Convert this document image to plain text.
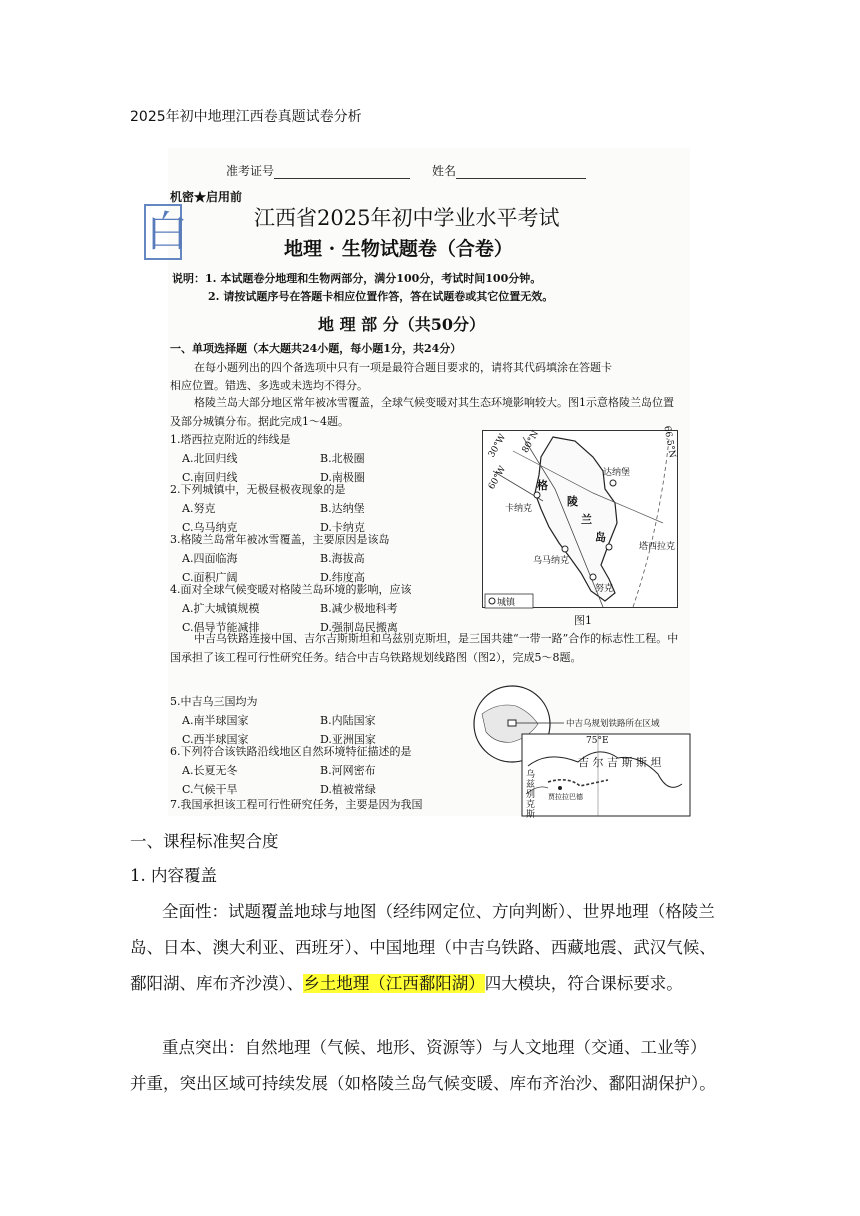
2025年初中地理江西卷真题试卷分析
准考证号	姓名
机密★启用前
白	江西省2025年初中学业水平考试
地理 · 生物试题卷（合卷）
说明：1. 本试题卷分地理和生物两部分，满分100分，考试时间100分钟。
2. 请按试题序号在答题卡相应位置作答，答在试题卷或其它位置无效。
地 理 部 分（共50分）
一、单项选择题（本大题共24小题，每小题1分，共24分）
在每小题列出的四个备选项中只有一项是最符合题目要求的，请将其代码填涂在答题卡
相应位置。错选、多选或未选均不得分。
格陵兰岛大部分地区常年被冰雪覆盖，全球气候变暖对其生态环境影响较大。图1示意格陵兰岛位置及部分城镇分布。据此完成1～4题。
1.塔西拉克附近的纬线是
A.北回归线	B.北极圈
C.南回归线	D.南极圈
2.下列城镇中，无极昼极夜现象的是
A.努克	B.达纳堡
C.乌马纳克	D.卡纳克
3.格陵兰岛常年被冰雪覆盖，主要原因是该岛
A.四面临海	B.海拔高
C.面积广阔	D.纬度高
4.面对全球气候变暖对格陵兰岛环境的影响，应该
A.扩大城镇规模	B.减少极地科考
C.倡导节能减排	D.强制岛民搬离
30°W
60°W
80°N	66.5°N
格
陵
兰
岛
达纳堡
卡纳克
乌马纳克
塔西拉克
努克
城镇
图1
中吉乌铁路连接中国、吉尔吉斯斯坦和乌兹别克斯坦，是三国共建“一带一路”合作的标志性工程。中国承担了该工程可行性研究任务。结合中吉乌铁路规划线路图（图2），完成5～8题。
5.中吉乌三国均为
A.南半球国家	B.内陆国家
C.西半球国家	D.亚洲国家
6.下列符合该铁路沿线地区自然环境特征描述的是
A.长夏无冬	B.河网密布
C.气候干旱	D.植被常绿
7.我国承担该工程可行性研究任务，主要是因为我国
中吉乌规划铁路所在区域
75°E
吉 尔 吉 斯 斯 坦
贾拉拉巴德
乌
兹
别
克
斯
一、课程标准契合度
1. 内容覆盖
全面性：试题覆盖地球与地图（经纬网定位、方向判断）、世界地理（格陵兰
岛、日本、澳大利亚、西班牙）、中国地理（中吉乌铁路、西藏地震、武汉气候、
鄱阳湖、库布齐沙漠）、乡土地理（江西鄱阳湖）四大模块，符合课标要求。
重点突出：自然地理（气候、地形、资源等）与人文地理（交通、工业等）
并重，突出区域可持续发展（如格陵兰岛气候变暖、库布齐治沙、鄱阳湖保护）。
